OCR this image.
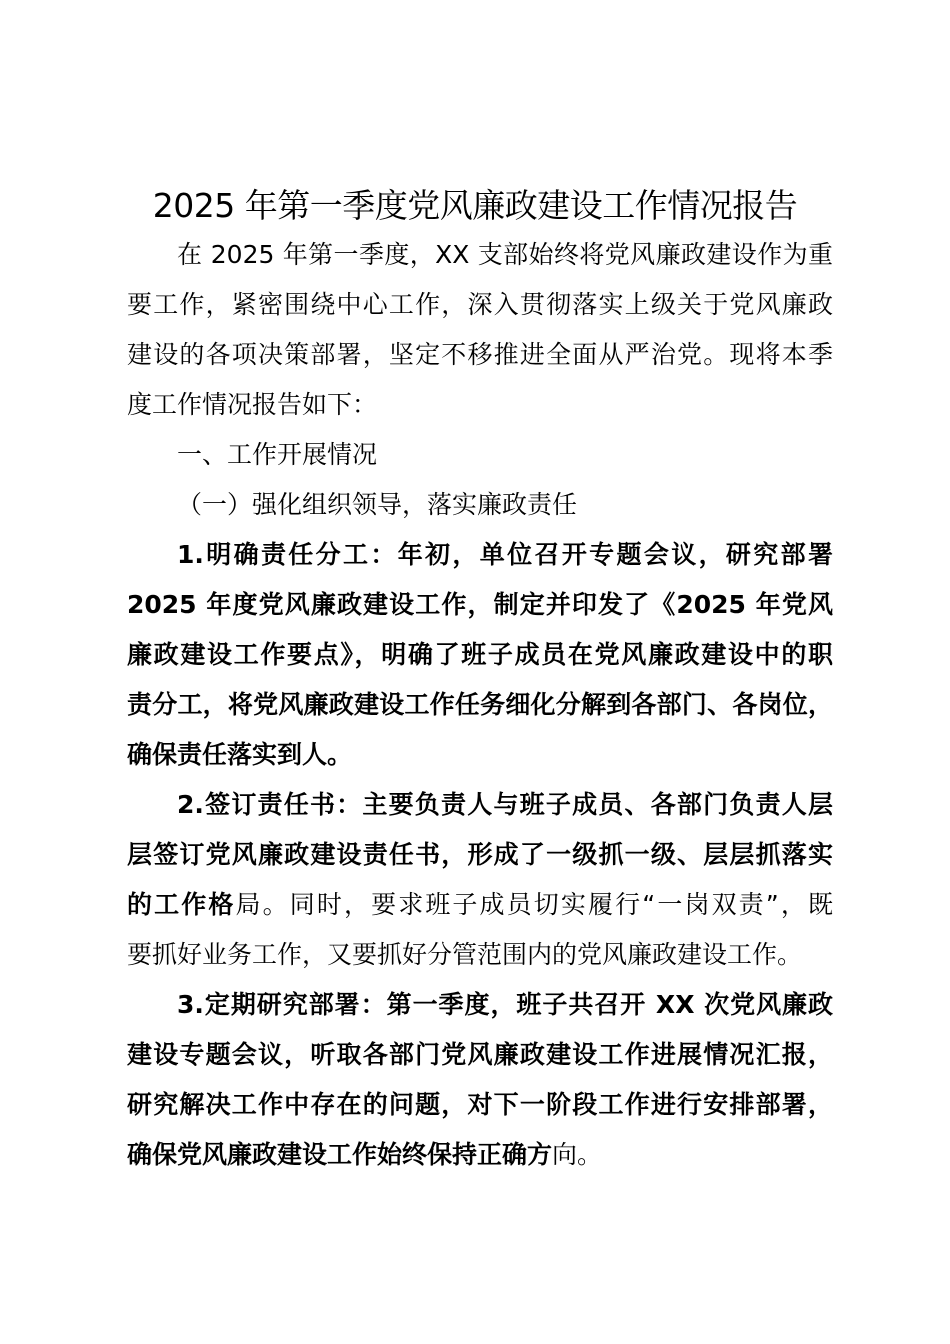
2025 年第一季度党风廉政建设工作情况报告
在 2025 年第一季度，XX 支部始终将党风廉政建设作为重
要工作，紧密围绕中心工作，深入贯彻落实上级关于党风廉政
建设的各项决策部署，坚定不移推进全面从严治党。现将本季
度工作情况报告如下：
一、工作开展情况
（一）强化组织领导，落实廉政责任
1.明确责任分工：年初，单位召开专题会议，研究部署
2025 年度党风廉政建设工作，制定并印发了《2025 年党风
廉政建设工作要点》，明确了班子成员在党风廉政建设中的职
责分工，将党风廉政建设工作任务细化分解到各部门、各岗位，
确保责任落实到人。
2.签订责任书：主要负责人与班子成员、各部门负责人层
层签订党风廉政建设责任书，形成了一级抓一级、层层抓落实
的工作格局。同时，要求班子成员切实履行“一岗双责”，既
要抓好业务工作，又要抓好分管范围内的党风廉政建设工作。
3.定期研究部署：第一季度，班子共召开 XX 次党风廉政
建设专题会议，听取各部门党风廉政建设工作进展情况汇报，
研究解决工作中存在的问题，对下一阶段工作进行安排部署，
确保党风廉政建设工作始终保持正确方向。
